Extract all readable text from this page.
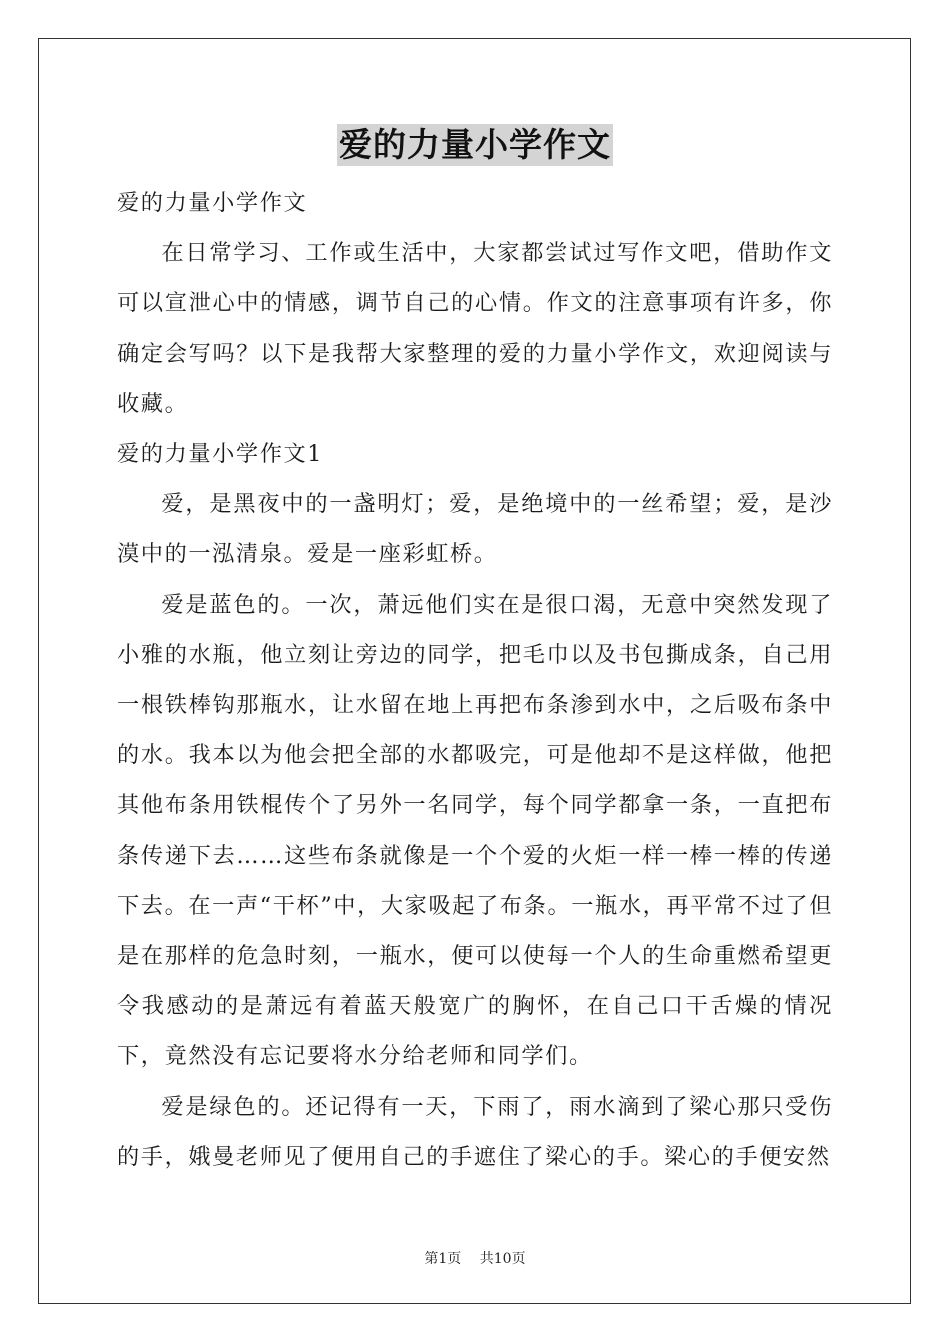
爱的力量小学作文

爱的力量小学作文

在日常学习、工作或生活中，大家都尝试过写作文吧，借助作文可以宣泄心中的情感，调节自己的心情。作文的注意事项有许多，你确定会写吗？以下是我帮大家整理的爱的力量小学作文，欢迎阅读与收藏。

爱的力量小学作文1

爱，是黑夜中的一盏明灯；爱，是绝境中的一丝希望；爱，是沙漠中的一泓清泉。爱是一座彩虹桥。

爱是蓝色的。一次，萧远他们实在是很口渴，无意中突然发现了小雅的水瓶，他立刻让旁边的同学，把毛巾以及书包撕成条，自己用一根铁棒钩那瓶水，让水留在地上再把布条渗到水中，之后吸布条中的水。我本以为他会把全部的水都吸完，可是他却不是这样做，他把其他布条用铁棍传个了另外一名同学，每个同学都拿一条，一直把布条传递下去……这些布条就像是一个个爱的火炬一样一棒一棒的传递下去。在一声“干杯”中，大家吸起了布条。一瓶水，再平常不过了但是在那样的危急时刻，一瓶水，便可以使每一个人的生命重燃希望更令我感动的是萧远有着蓝天般宽广的胸怀，在自己口干舌燥的情况下，竟然没有忘记要将水分给老师和同学们。

爱是绿色的。还记得有一天，下雨了，雨水滴到了梁心那只受伤的手，娥曼老师见了便用自己的手遮住了梁心的手。梁心的手便安然

第1页 共10页
